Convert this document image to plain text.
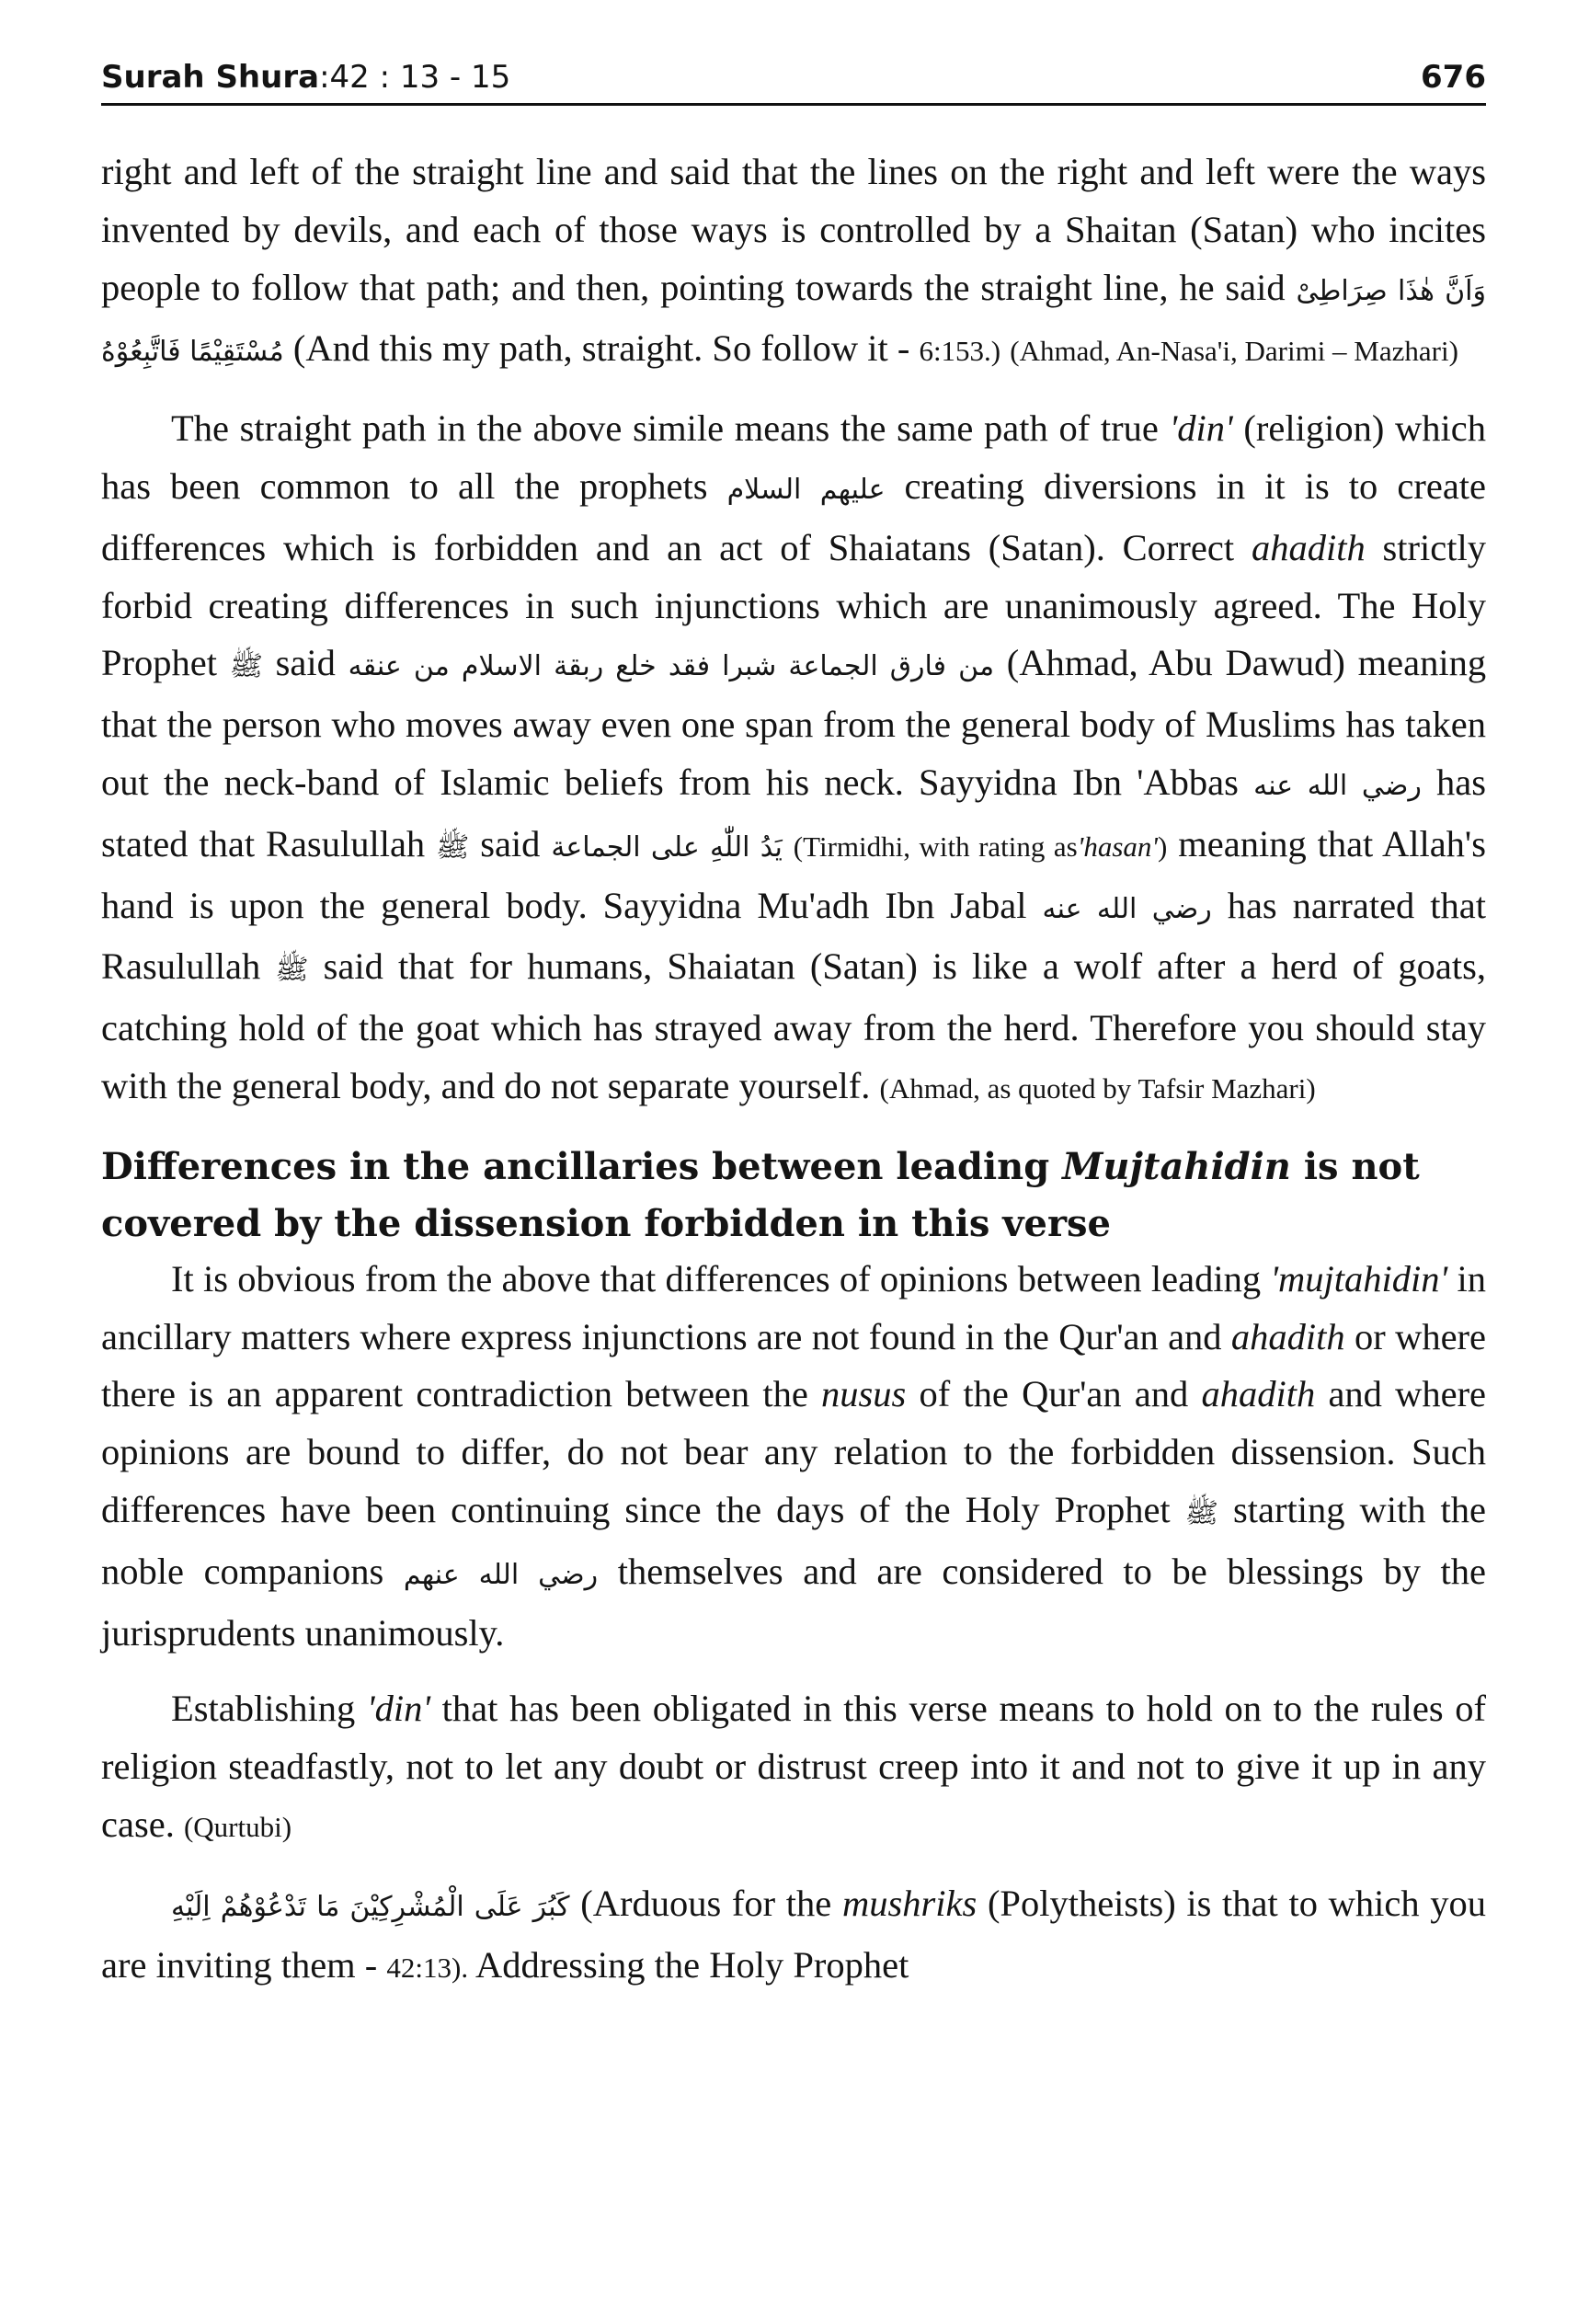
Surah Shura:42 : 13 - 15	676

right and left of the straight line and said that the lines on the right and left were the ways invented by devils, and each of those ways is controlled by a Shaitan (Satan) who incites people to follow that path; and then, pointing towards the straight line, he said وَاَنَّ هٰذَا صِرَاطِىْ مُسْتَقِيْمًا فَاتَّبِعُوْهُ (And this my path, straight. So follow it - 6:153.) (Ahmad, An-Nasa'i, Darimi – Mazhari)

The straight path in the above simile means the same path of true 'din' (religion) which has been common to all the prophets عليهم السلام creating diversions in it is to create differences which is forbidden and an act of Shaiatans (Satan). Correct ahadith strictly forbid creating differences in such injunctions which are unanimously agreed. The Holy Prophet ﷺ said من فارق الجماعة شبرا فقد خلع ربقة الاسلام من عنقه (Ahmad, Abu Dawud) meaning that the person who moves away even one span from the general body of Muslims has taken out the neck-band of Islamic beliefs from his neck. Sayyidna Ibn 'Abbas رضي الله عنه has stated that Rasulullah ﷺ said يَدُ اللّٰهِ على الجماعة (Tirmidhi, with rating as'hasan') meaning that Allah's hand is upon the general body. Sayyidna Mu'adh Ibn Jabal رضي الله عنه has narrated that Rasulullah ﷺ said that for humans, Shaiatan (Satan) is like a wolf after a herd of goats, catching hold of the goat which has strayed away from the herd. Therefore you should stay with the general body, and do not separate yourself. (Ahmad, as quoted by Tafsir Mazhari)

Differences in the ancillaries between leading Mujtahidin is not covered by the dissension forbidden in this verse

It is obvious from the above that differences of opinions between leading 'mujtahidin' in ancillary matters where express injunctions are not found in the Qur'an and ahadith or where there is an apparent contradiction between the nusus of the Qur'an and ahadith and where opinions are bound to differ, do not bear any relation to the forbidden dissension. Such differences have been continuing since the days of the Holy Prophet ﷺ starting with the noble companions رضي الله عنهم themselves and are considered to be blessings by the jurisprudents unanimously.

Establishing 'din' that has been obligated in this verse means to hold on to the rules of religion steadfastly, not to let any doubt or distrust creep into it and not to give it up in any case. (Qurtubi)

كَبُرَ عَلَى الْمُشْرِكِيْنَ مَا تَدْعُوْهُمْ اِلَيْهِ (Arduous for the mushriks (Polytheists) is that to which you are inviting them - 42:13). Addressing the Holy Prophet
